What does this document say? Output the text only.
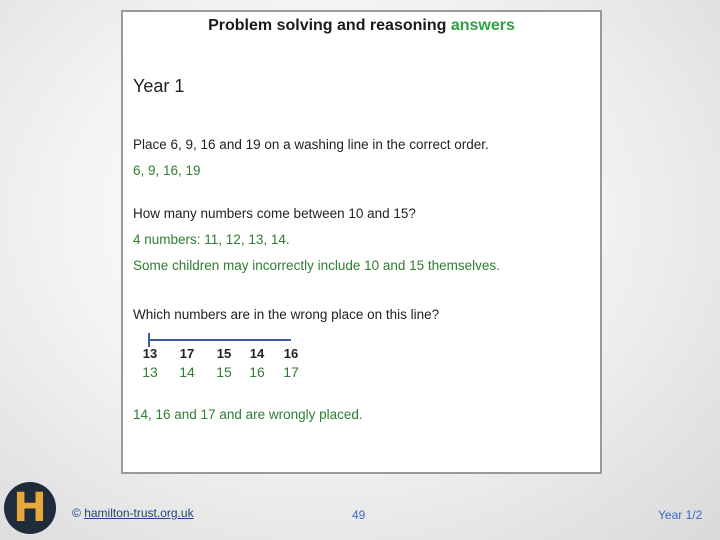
Problem solving and reasoning answers
Year 1
Place 6, 9, 16 and 19 on a washing line in the correct order.
6, 9, 16, 19
How many numbers come between 10 and 15?
4 numbers: 11, 12, 13, 14.
Some children may incorrectly include 10 and 15 themselves.
Which numbers are in the wrong place on this line?
13	17	15	14	16
13	14	15	16	17
14, 16 and 17 and are wrongly placed.
H	© hamilton-trust.org.uk	49	Year 1/2
